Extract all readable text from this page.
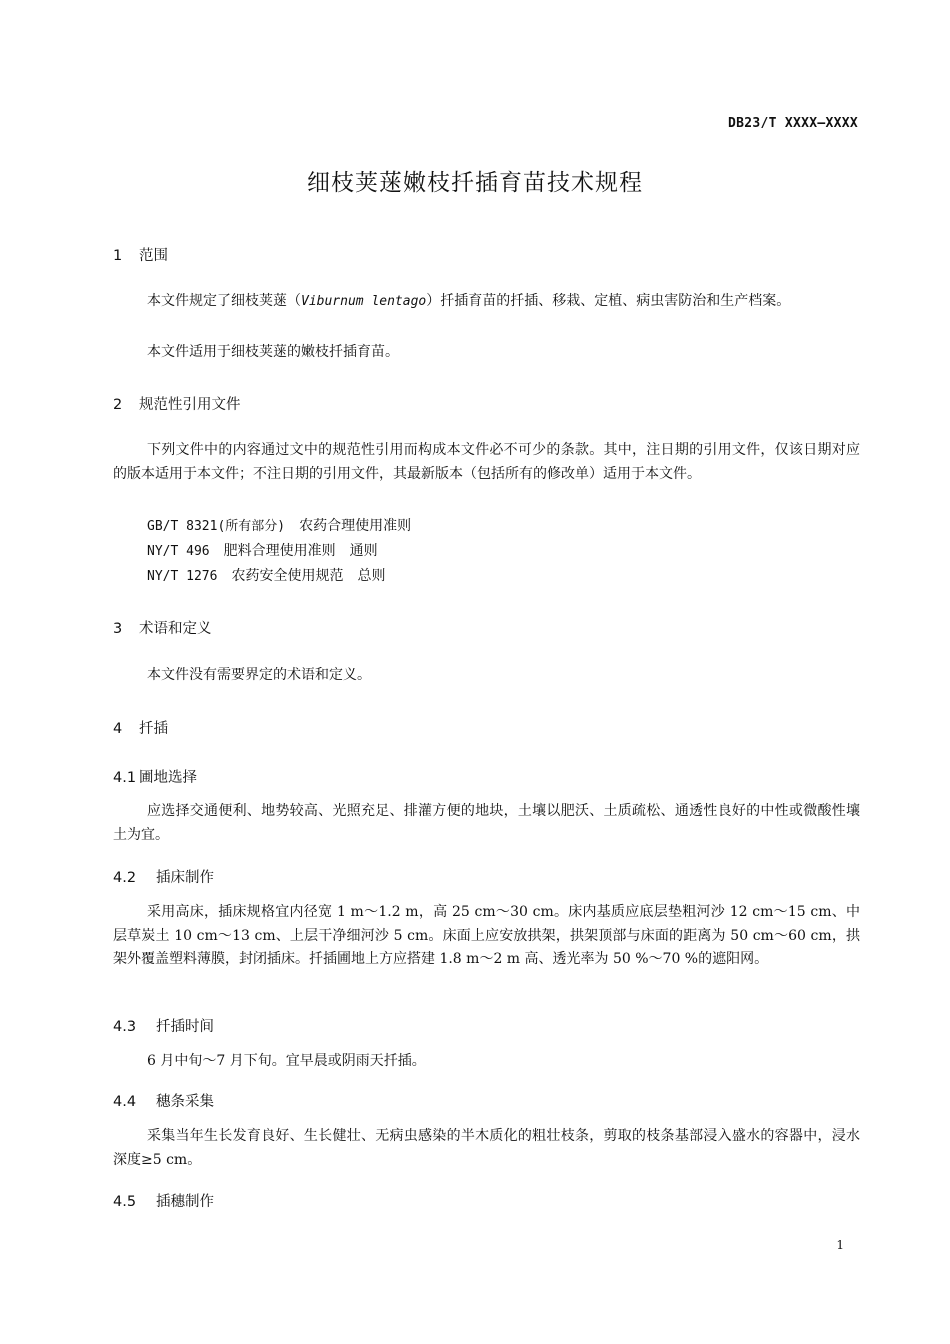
DB23/T XXXX—XXXX
细枝荚蒾嫩枝扦插育苗技术规程
1 范围
本文件规定了细枝荚蒾（Viburnum lentago）扦插育苗的扦插、移栽、定植、病虫害防治和生产档案。
本文件适用于细枝荚蒾的嫩枝扦插育苗。
2 规范性引用文件
下列文件中的内容通过文中的规范性引用而构成本文件必不可少的条款。其中，注日期的引用文件，仅该日期对应的版本适用于本文件；不注日期的引用文件，其最新版本（包括所有的修改单）适用于本文件。
GB/T 8321(所有部分) 农药合理使用准则
NY/T 496 肥料合理使用准则　通则
NY/T 1276 农药安全使用规范　总则
3 术语和定义
本文件没有需要界定的术语和定义。
4 扦插
4.1 圃地选择
应选择交通便利、地势较高、光照充足、排灌方便的地块，土壤以肥沃、土质疏松、通透性良好的中性或微酸性壤土为宜。
4.2 插床制作
采用高床，插床规格宜内径宽 1 m～1.2 m，高 25 cm～30 cm。床内基质应底层垫粗河沙 12 cm～15 cm、中层草炭土 10 cm～13 cm、上层干净细河沙 5 cm。床面上应安放拱架，拱架顶部与床面的距离为 50 cm～60 cm，拱架外覆盖塑料薄膜，封闭插床。扦插圃地上方应搭建 1.8 m～2 m 高、透光率为 50 %～70 %的遮阳网。
4.3 扦插时间
6 月中旬～7 月下旬。宜早晨或阴雨天扦插。
4.4 穗条采集
采集当年生长发育良好、生长健壮、无病虫感染的半木质化的粗壮枝条，剪取的枝条基部浸入盛水的容器中，浸水深度≥5 cm。
4.5 插穗制作
1
